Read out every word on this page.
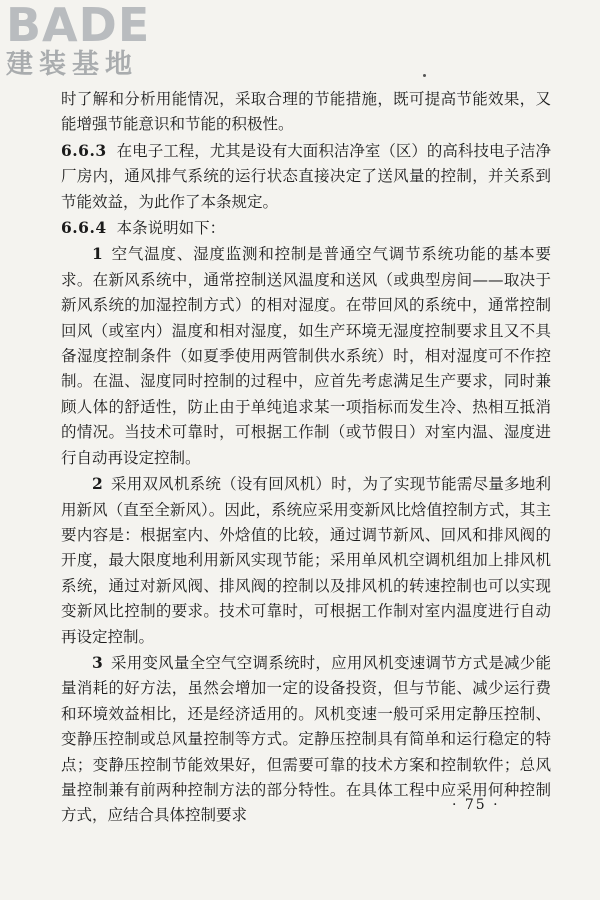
BADE
建装基地

时了解和分析用能情况，采取合理的节能措施，既可提高节能效果，又能增强节能意识和节能的积极性。

6.6.3 在电子工程，尤其是设有大面积洁净室（区）的高科技电子洁净厂房内，通风排气系统的运行状态直接决定了送风量的控制，并关系到节能效益，为此作了本条规定。

6.6.4 本条说明如下：

1 空气温度、湿度监测和控制是普通空气调节系统功能的基本要求。在新风系统中，通常控制送风温度和送风（或典型房间——取决于新风系统的加湿控制方式）的相对湿度。在带回风的系统中，通常控制回风（或室内）温度和相对湿度，如生产环境无湿度控制要求且又不具备湿度控制条件（如夏季使用两管制供水系统）时，相对湿度可不作控制。在温、湿度同时控制的过程中，应首先考虑满足生产要求，同时兼顾人体的舒适性，防止由于单纯追求某一项指标而发生冷、热相互抵消的情况。当技术可靠时，可根据工作制（或节假日）对室内温、湿度进行自动再设定控制。

2 采用双风机系统（设有回风机）时，为了实现节能需尽量多地利用新风（直至全新风）。因此，系统应采用变新风比焓值控制方式，其主要内容是：根据室内、外焓值的比较，通过调节新风、回风和排风阀的开度，最大限度地利用新风实现节能；采用单风机空调机组加上排风机系统，通过对新风阀、排风阀的控制以及排风机的转速控制也可以实现变新风比控制的要求。技术可靠时，可根据工作制对室内温度进行自动再设定控制。

3 采用变风量全空气空调系统时，应用风机变速调节方式是减少能量消耗的好方法，虽然会增加一定的设备投资，但与节能、减少运行费和环境效益相比，还是经济适用的。风机变速一般可采用定静压控制、变静压控制或总风量控制等方式。定静压控制具有简单和运行稳定的特点；变静压控制节能效果好，但需要可靠的技术方案和控制软件；总风量控制兼有前两种控制方法的部分特性。在具体工程中应采用何种控制方式，应结合具体控制要求

· 75 ·
